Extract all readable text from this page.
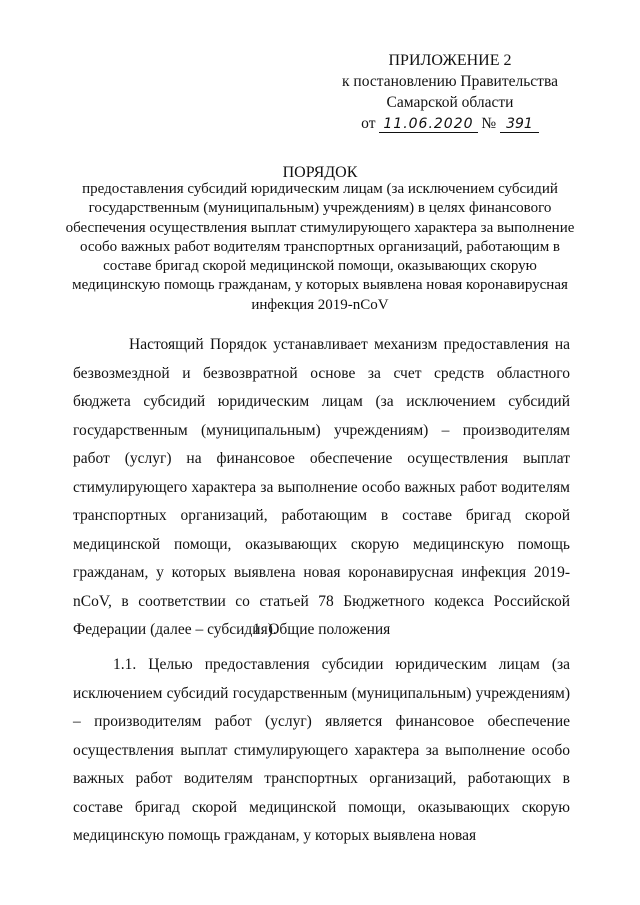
ПРИЛОЖЕНИЕ 2
к постановлению Правительства
Самарской области
от 11.06.2020 № 391
ПОРЯДОК
предоставления субсидий юридическим лицам (за исключением субсидий государственным (муниципальным) учреждениям) в целях финансового обеспечения осуществления выплат стимулирующего характера за выполнение особо важных работ водителям транспортных организаций, работающим в составе бригад скорой медицинской помощи, оказывающих скорую медицинскую помощь гражданам, у которых выявлена новая коронавирусная инфекция 2019-nCoV
Настоящий Порядок устанавливает механизм предоставления на безвозмездной и безвозвратной основе за счет средств областного бюджета субсидий юридическим лицам (за исключением субсидий государственным (муниципальным) учреждениям) – производителям работ (услуг) на финансовое обеспечение осуществления выплат стимулирующего характера за выполнение особо важных работ водителям транспортных организаций, работающим в составе бригад скорой медицинской помощи, оказывающих скорую медицинскую помощь гражданам, у которых выявлена новая коронавирусная инфекция 2019-nCoV, в соответствии со статьей 78 Бюджетного кодекса Российской Федерации (далее – субсидия).
1. Общие положения
1.1. Целью предоставления субсидии юридическим лицам (за исключением субсидий государственным (муниципальным) учреждениям) – производителям работ (услуг) является финансовое обеспечение осуществления выплат стимулирующего характера за выполнение особо важных работ водителям транспортных организаций, работающих в составе бригад скорой медицинской помощи, оказывающих скорую медицинскую помощь гражданам, у которых выявлена новая
